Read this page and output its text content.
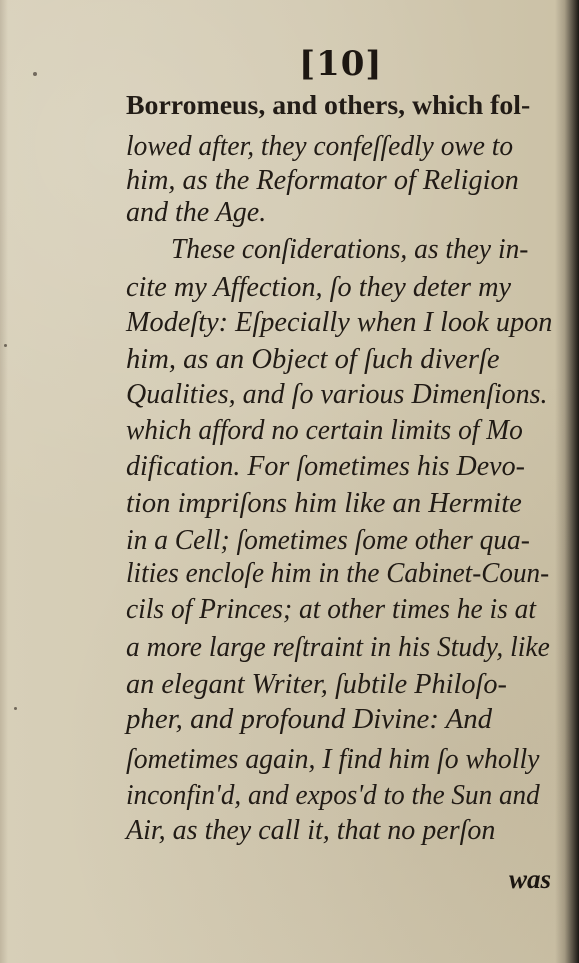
[10]
Borromeus, and others, which fol-
lowed after, they confeſſedly owe to
him, as the Reformator of Religion
and the Age.
These conſiderations, as they in-
cite my Affection, ſo they deter my
Modeſty: Eſpecially when I look upon
him, as an Object of ſuch diverſe
Qualities, and ſo various Dimenſions.
which afford no certain limits of Mo
dification. For ſometimes his Devo-
tion impriſons him like an Hermite
in a Cell; ſometimes ſome other qua-
lities encloſe him in the Cabinet-Coun-
cils of Princes; at other times he is at
a more large reſtraint in his Study, like
an elegant Writer, ſubtile Philoſo-
pher, and profound Divine: And
ſometimes again, I find him ſo wholly
inconfin'd, and expos'd to the Sun and
Air, as they call it, that no perſon
was
